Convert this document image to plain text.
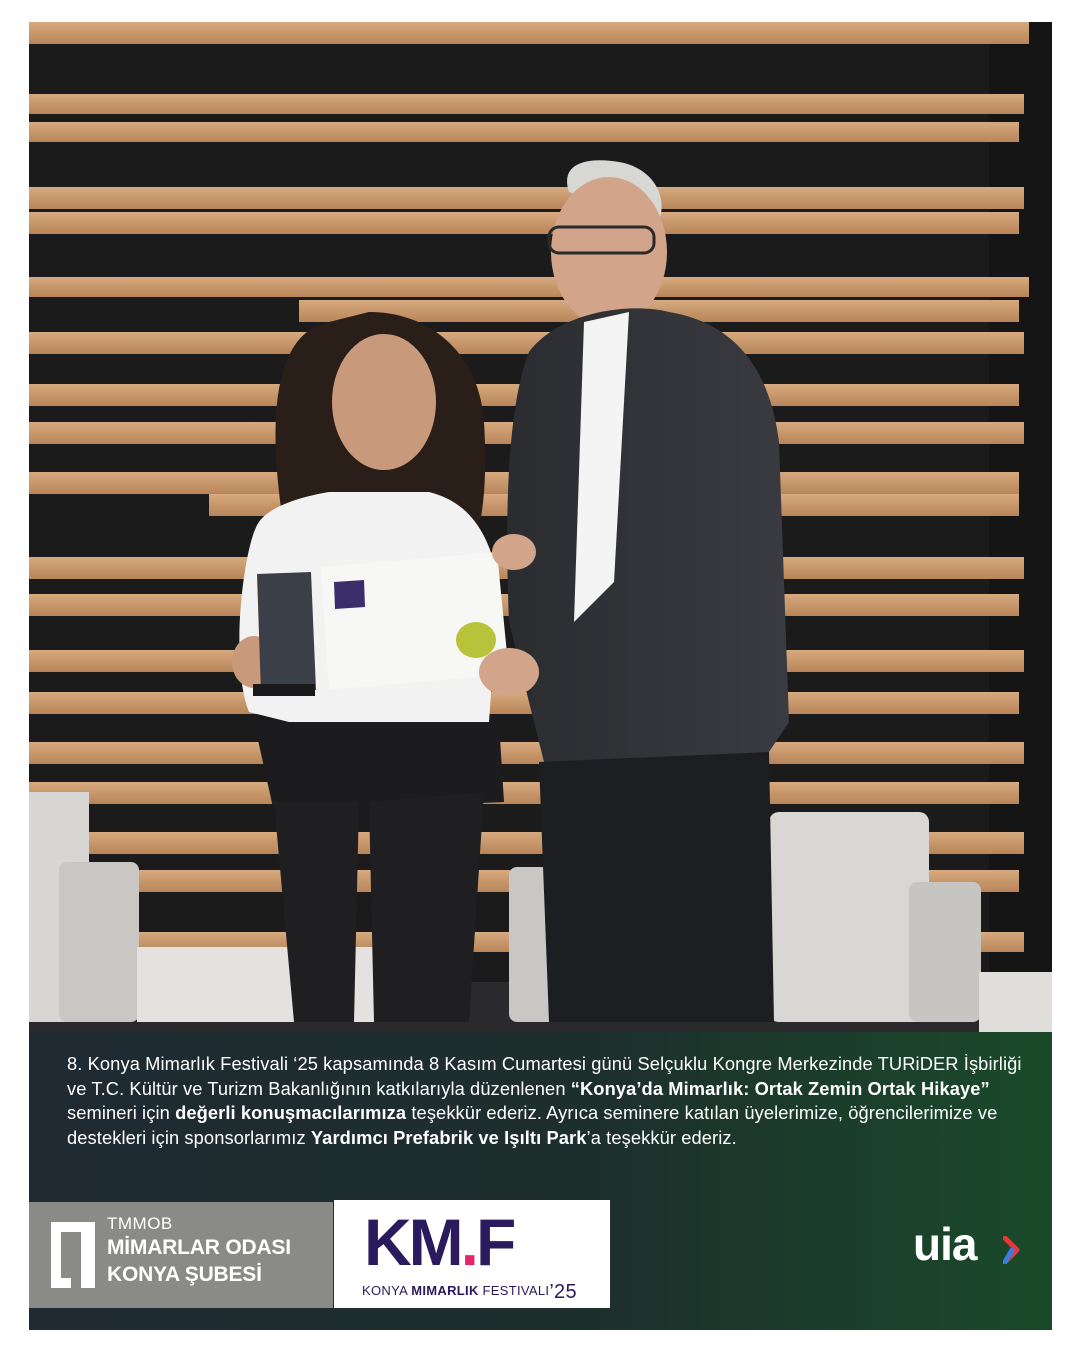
8. Konya Mimarlık Festivali ‘25 kapsamında 8 Kasım Cumartesi günü Selçuklu Kongre Merkezinde TURiDER İşbirliği ve T.C. Kültür ve Turizm Bakanlığının katkılarıyla düzenlenen “Konya’da Mimarlık: Ortak Zemin Ortak Hikaye” semineri için değerli konuşmacılarımıza teşekkür ederiz. Ayrıca seminere katılan üyelerimize, öğrencilerimize ve destekleri için sponsorlarımız Yardımcı Prefabrik ve Işıltı Park’a teşekkür ederiz.

TMMOB
MİMARLAR ODASI
KONYA ŞUBESİ	KM.F
KONYA MIMARLIK FESTIVALI’25
uia
